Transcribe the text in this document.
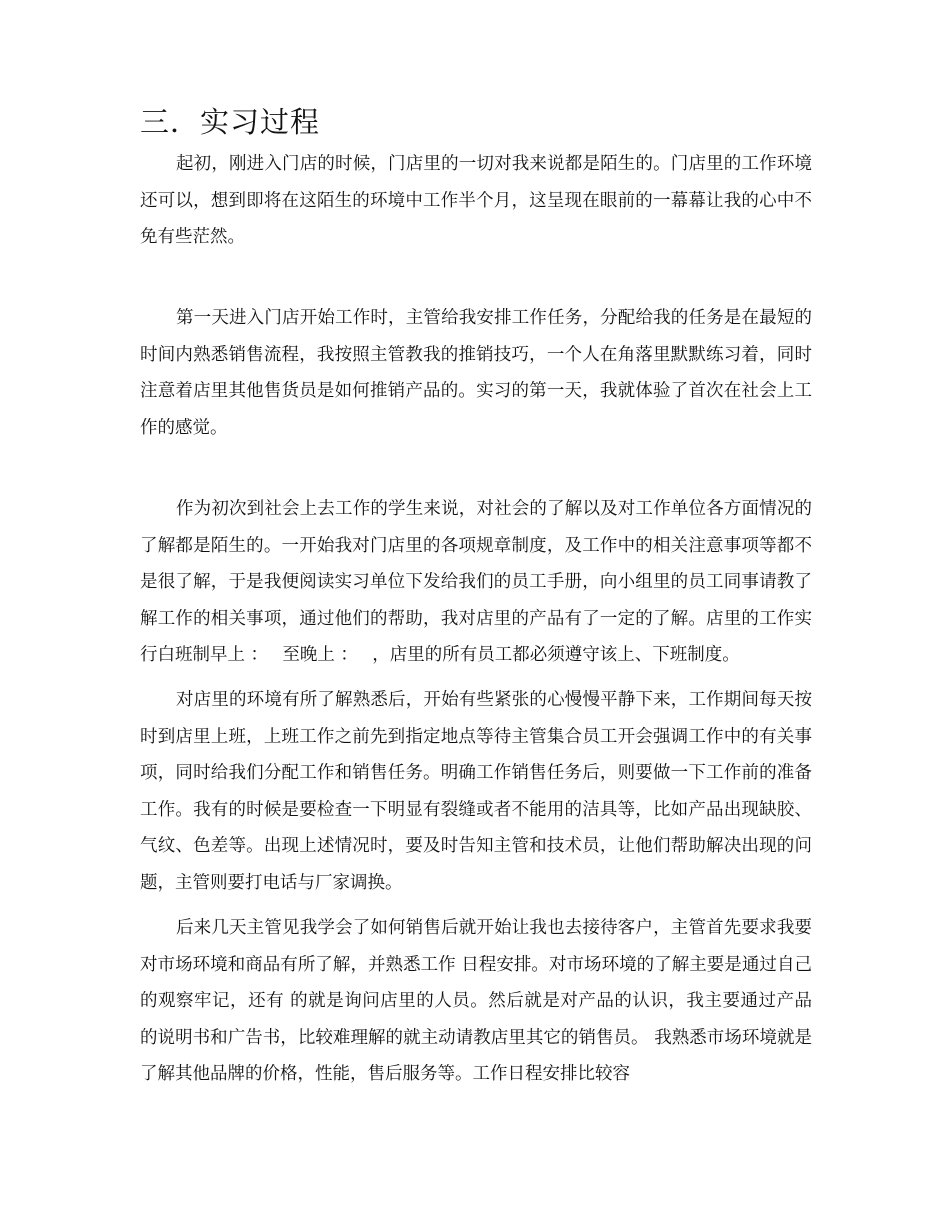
三．实习过程

起初，刚进入门店的时候，门店里的一切对我来说都是陌生的。门店里的工作环境还可以，想到即将在这陌生的环境中工作半个月，这呈现在眼前的一幕幕让我的心中不免有些茫然。

第一天进入门店开始工作时，主管给我安排工作任务，分配给我的任务是在最短的时间内熟悉销售流程，我按照主管教我的推销技巧，一个人在角落里默默练习着，同时注意着店里其他售货员是如何推销产品的。实习的第一天，我就体验了首次在社会上工作的感觉。

作为初次到社会上去工作的学生来说，对社会的了解以及对工作单位各方面情况的了解都是陌生的。一开始我对门店里的各项规章制度，及工作中的相关注意事项等都不是很了解，于是我便阅读实习单位下发给我们的员工手册，向小组里的员工同事请教了解工作的相关事项，通过他们的帮助，我对店里的产品有了一定的了解。店里的工作实行白班制早上 ：　 至晚上 ：　 ，店里的所有员工都必须遵守该上、下班制度。

对店里的环境有所了解熟悉后，开始有些紧张的心慢慢平静下来，工作期间每天按时到店里上班，上班工作之前先到指定地点等待主管集合员工开会强调工作中的有关事项，同时给我们分配工作和销售任务。明确工作销售任务后，则要做一下工作前的准备工作。我有的时候是要检查一下明显有裂缝或者不能用的洁具等，比如产品出现缺胶、气纹、色差等。出现上述情况时，要及时告知主管和技术员，让他们帮助解决出现的问题，主管则要打电话与厂家调换。

后来几天主管见我学会了如何销售后就开始让我也去接待客户，主管首先要求我要对市场环境和商品有所了解，并熟悉工作 日程安排。对市场环境的了解主要是通过自己的观察牢记，还有 的就是询问店里的人员。然后就是对产品的认识，我主要通过产品 的说明书和广告书，比较难理解的就主动请教店里其它的销售员。 我熟悉市场环境就是了解其他品牌的价格，性能，售后服务等。工作日程安排比较容
